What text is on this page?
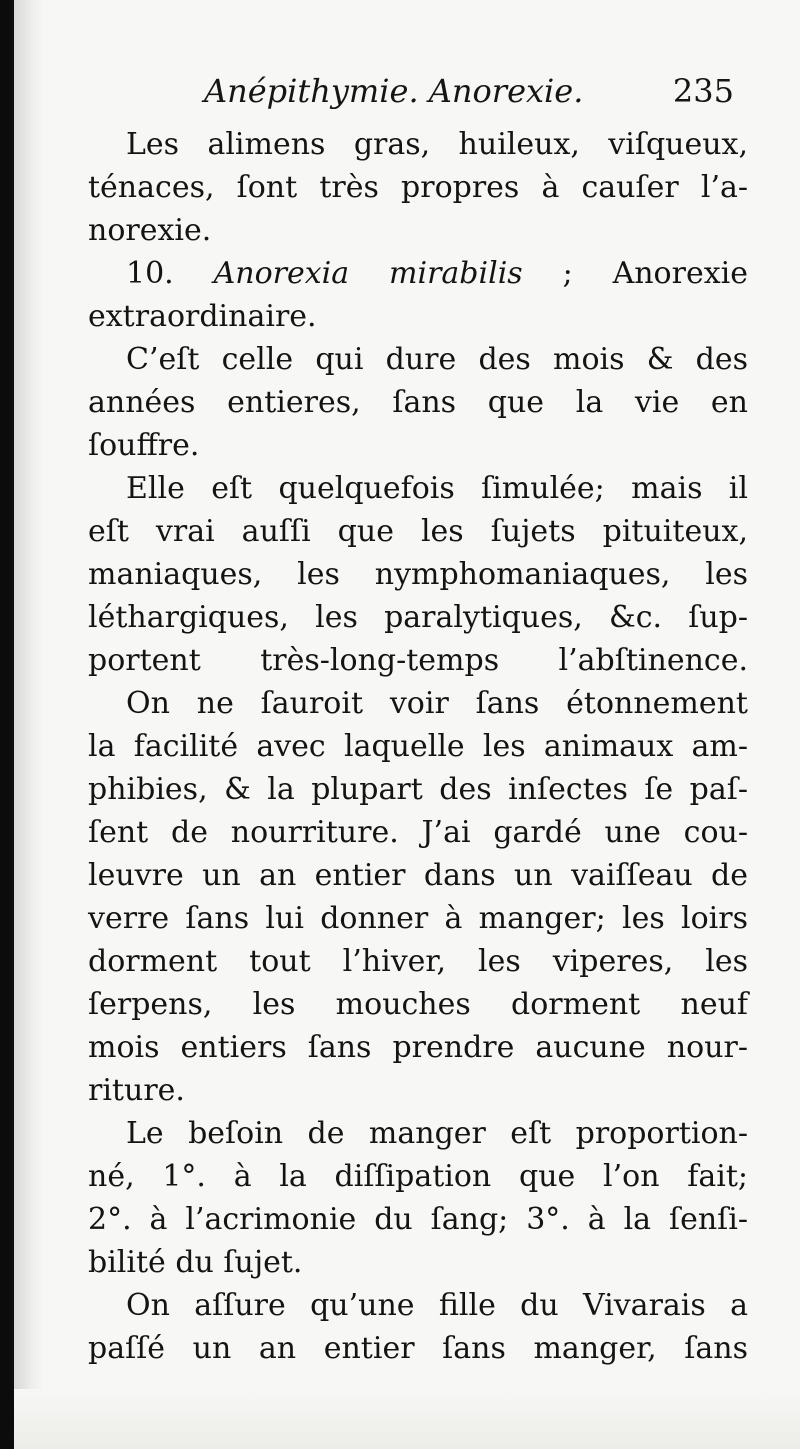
Anépithymie. Anorexie.	235
Les alimens gras, huileux, viſqueux,
ténaces, ſont très propres à cauſer l’a-
norexie.
10. Anorexia mirabilis ; Anorexie
extraordinaire.
C’eſt celle qui dure des mois & des
années entieres, ſans que la vie en
ſouffre.
Elle eſt quelquefois ſimulée; mais il
eſt vrai auſſi que les ſujets pituiteux,
maniaques, les nymphomaniaques, les
léthargiques, les paralytiques, &c. ſup-
portent très-long-temps l’abſtinence.
On ne ſauroit voir ſans étonnement
la facilité avec laquelle les animaux am-
phibies, & la plupart des inſectes ſe paſ-
ſent de nourriture. J’ai gardé une cou-
leuvre un an entier dans un vaiſſeau de
verre ſans lui donner à manger; les loirs
dorment tout l’hiver, les viperes, les
ſerpens, les mouches dorment neuf
mois entiers ſans prendre aucune nour-
riture.
Le beſoin de manger eſt proportion-
né, 1°. à la diſſipation que l’on fait;
2°. à l’acrimonie du ſang; 3°. à la ſenſi-
bilité du ſujet.
On aſſure qu’une fille du Vivarais a
paſſé un an entier ſans manger, ſans
